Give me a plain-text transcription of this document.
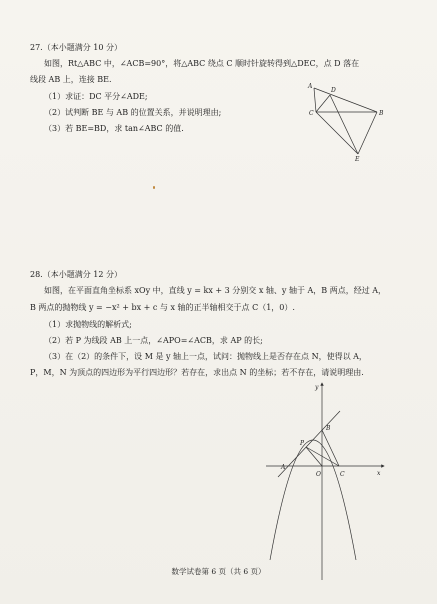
27.（本小题满分 10 分）
如图，Rt△ABC 中，∠ACB=90°，将△ABC 绕点 C 顺时针旋转得到△DEC，点 D 落在
线段 AB 上，连接 BE.
（1）求证：DC 平分∠ADE;
（2）试判断 BE 与 AB 的位置关系，并说明理由;
（3）若 BE=BD，求 tan∠ABC 的值.
A
D
C	B
E
28.（本小题满分 12 分）
如图，在平面直角坐标系 xOy 中，直线 y = kx + 3 分别交 x 轴、y 轴于 A，B 两点，经过 A，
B 两点的抛物线 y = −x² + bx + c 与 x 轴的正半轴相交于点 C（1，0）.
（1）求抛物线的解析式;
（2）若 P 为线段 AB 上一点，∠APO=∠ACB，求 AP 的长;
（3）在（2）的条件下，设 M 是 y 轴上一点，试问：抛物线上是否存在点 N，使得以 A，
P，M，N 为顶点的四边形为平行四边形？若存在，求出点 N 的坐标；若不存在，请说明理由.
y
x
B
P
A
O	C
数学试卷第 6 页（共 6 页）
